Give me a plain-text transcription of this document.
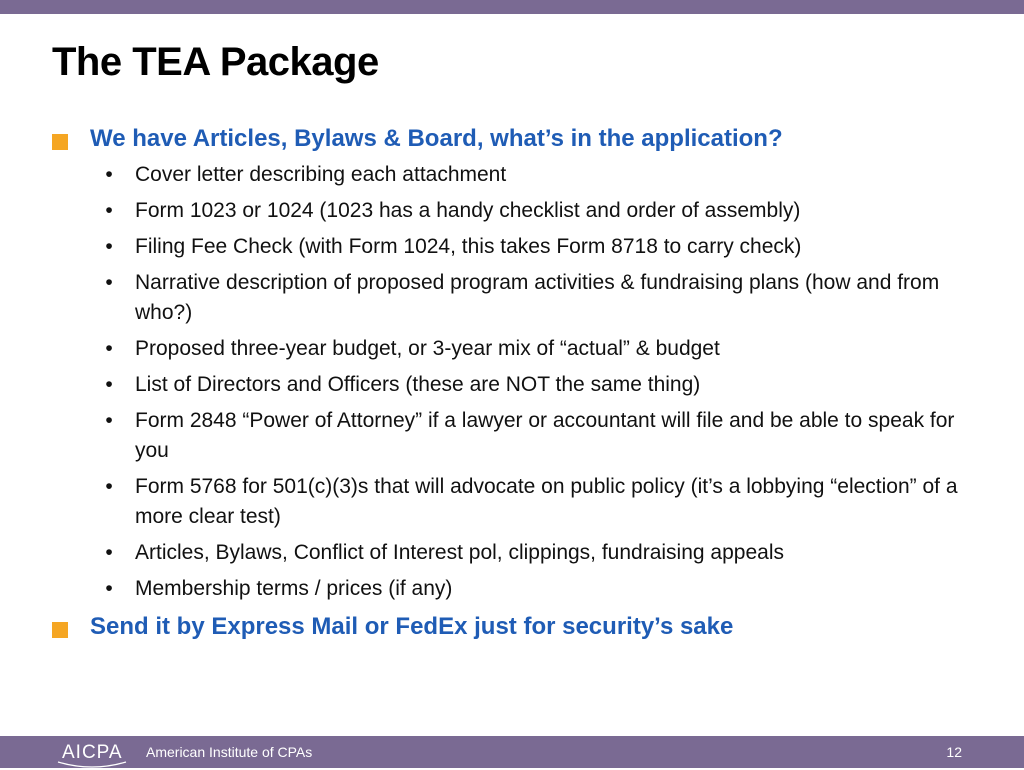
The TEA Package
We have Articles, Bylaws & Board, what’s in the application?
• Cover letter describing each attachment
• Form 1023 or 1024 (1023 has a handy checklist and order of assembly)
• Filing Fee Check (with Form 1024, this takes Form 8718 to carry check)
• Narrative description of proposed program activities & fundraising plans (how and from who?)
• Proposed three-year budget, or 3-year mix of “actual” & budget
• List of Directors and Officers (these are NOT the same thing)
• Form 2848 “Power of Attorney” if a lawyer or accountant will file and be able to speak for you
• Form 5768 for 501(c)(3)s that will advocate on public policy (it’s a lobbying “election” of a more clear test)
• Articles, Bylaws, Conflict of Interest pol, clippings, fundraising appeals
• Membership terms / prices (if any)
Send it by Express Mail or FedEx just for security’s sake
AICPA American Institute of CPAs	12
